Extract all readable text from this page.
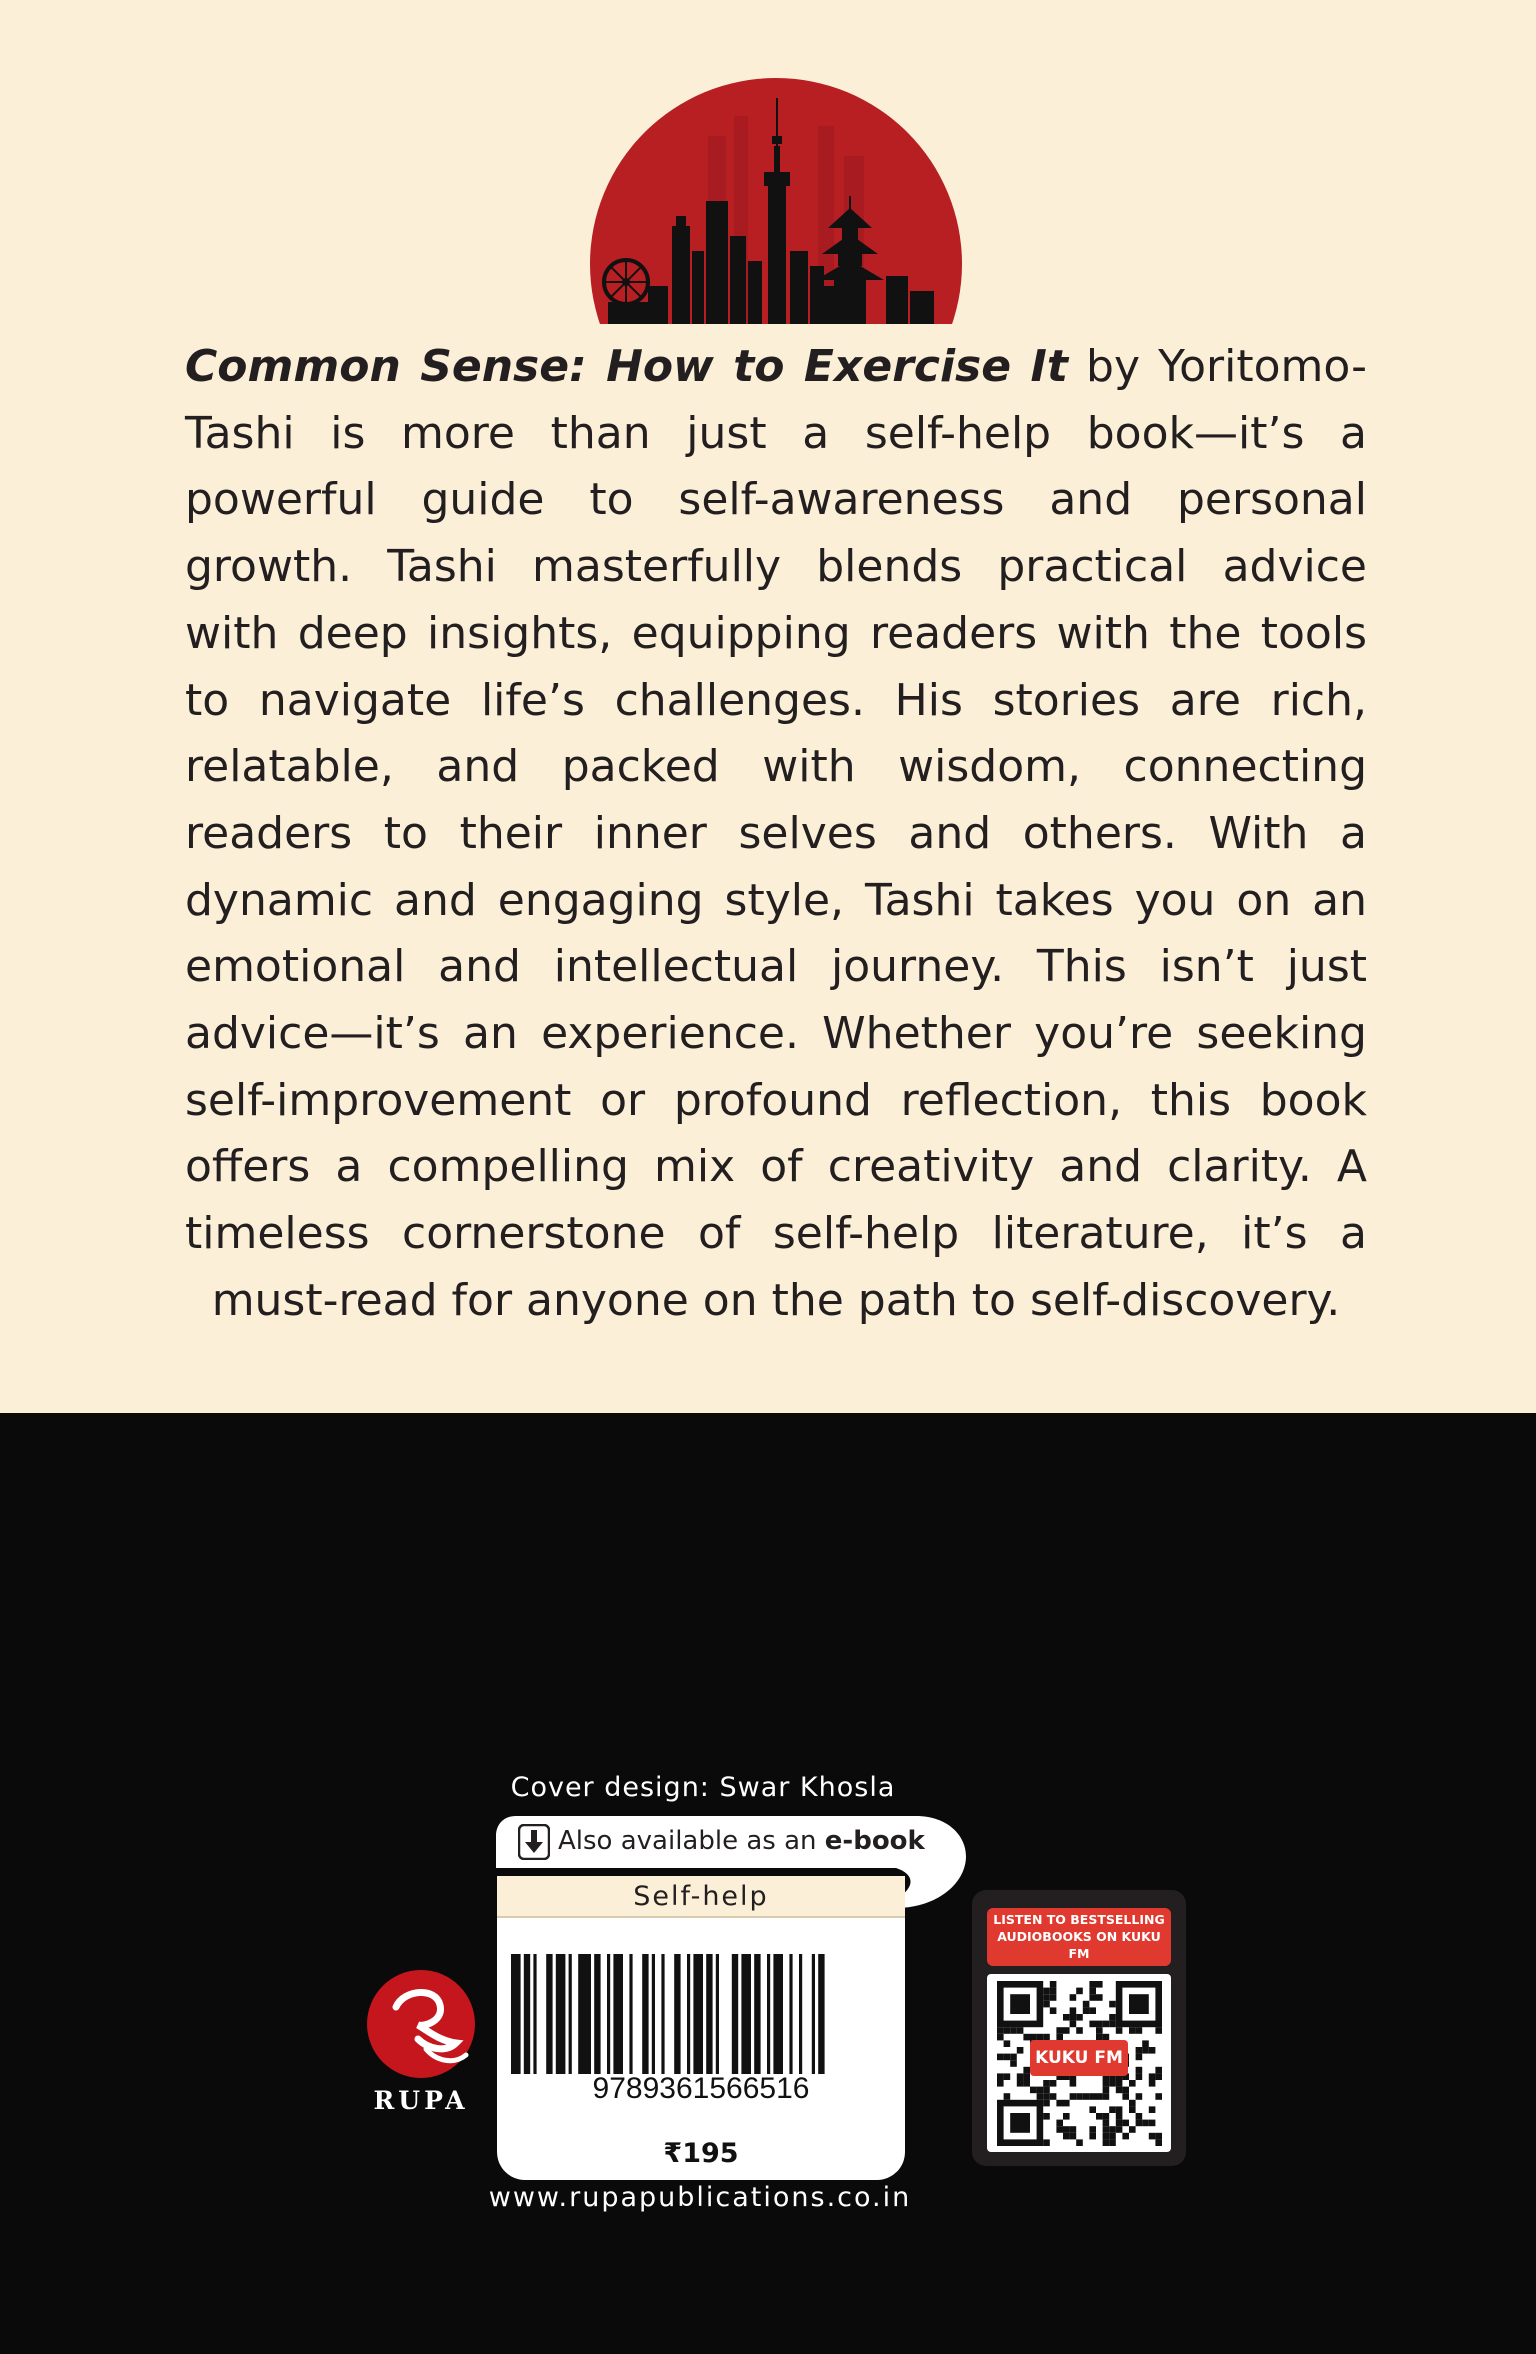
Common Sense: How to Exercise It by Yoritomo-Tashi is more than just a self-help book—it’s a powerful guide to self-awareness and personal growth. Tashi masterfully blends practical advice with deep insights, equipping readers with the tools to navigate life’s challenges. His stories are rich, relatable, and packed with wisdom, connecting readers to their inner selves and others. With a dynamic and engaging style, Tashi takes you on an emotional and intellectual journey. This isn’t just advice—it’s an experience. Whether you’re seeking self-improvement or profound reflection, this book offers a compelling mix of creativity and clarity. A timeless cornerstone of self-help literature, it’s a must-read for anyone on the path to self-discovery.

Cover design: Swar Khosla
Also available as an e-book
Self-help
9789361566516
₹195
www.rupapublications.co.in
RUPA
LISTEN TO BESTSELLING AUDIOBOOKS ON KUKU FM
KUKU FM
